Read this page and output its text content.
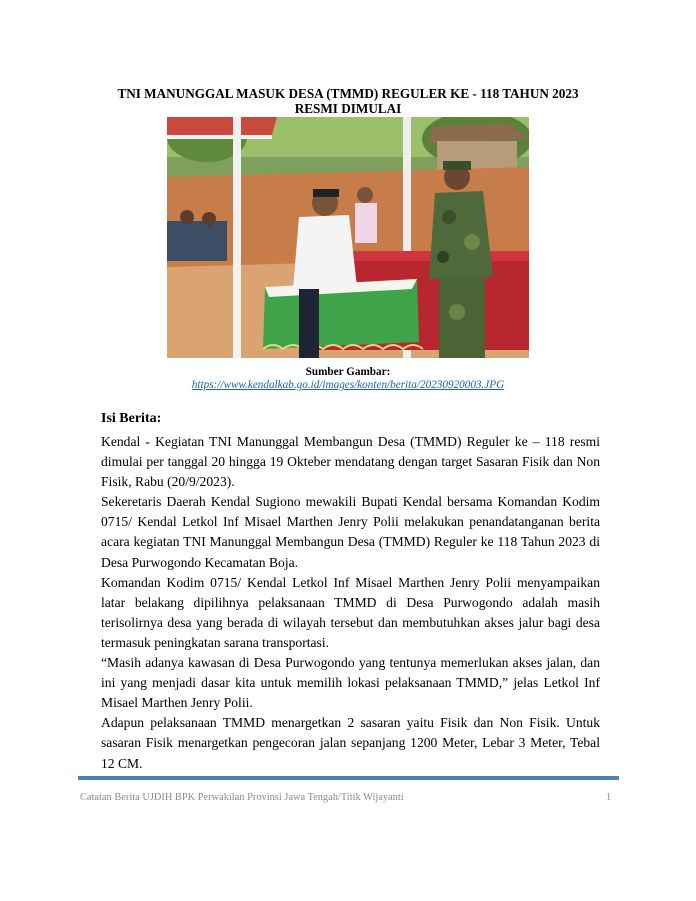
TNI MANUNGGAL MASUK DESA (TMMD) REGULER KE - 118 TAHUN 2023
RESMI DIMULAI
Sumber Gambar:
https://www.kendalkab.go.id/images/konten/berita/20230920003.JPG
Isi Berita:

Kendal - Kegiatan TNI Manunggal Membangun Desa (TMMD) Reguler ke – 118 resmi dimulai per tanggal 20 hingga 19 Okteber mendatang dengan target Sasaran Fisik dan Non Fisik, Rabu (20/9/2023).

Sekeretaris Daerah Kendal Sugiono mewakili Bupati Kendal bersama Komandan Kodim 0715/ Kendal Letkol Inf Misael Marthen Jenry Polii melakukan penandatanganan berita acara kegiatan TNI Manunggal Membangun Desa (TMMD) Reguler ke 118 Tahun 2023 di Desa Purwogondo Kecamatan Boja.

Komandan Kodim 0715/ Kendal Letkol Inf Misael Marthen Jenry Polii menyampaikan latar belakang dipilihnya pelaksanaan TMMD di Desa Purwogondo adalah masih terisolirnya desa yang berada di wilayah tersebut dan membutuhkan akses jalur bagi desa termasuk peningkatan sarana transportasi.

“Masih adanya kawasan di Desa Purwogondo yang tentunya memerlukan akses jalan, dan ini yang menjadi dasar kita untuk memilih lokasi pelaksanaan TMMD,” jelas Letkol Inf Misael Marthen Jenry Polii.

Adapun pelaksanaan TMMD menargetkan 2 sasaran yaitu Fisik dan Non Fisik. Untuk sasaran Fisik menargetkan pengecoran jalan sepanjang 1200 Meter, Lebar 3 Meter, Tebal 12 CM.

Catatan Berita UJDIH BPK Perwakilan Provinsi Jawa Tengah/Titik Wijayanti	1
